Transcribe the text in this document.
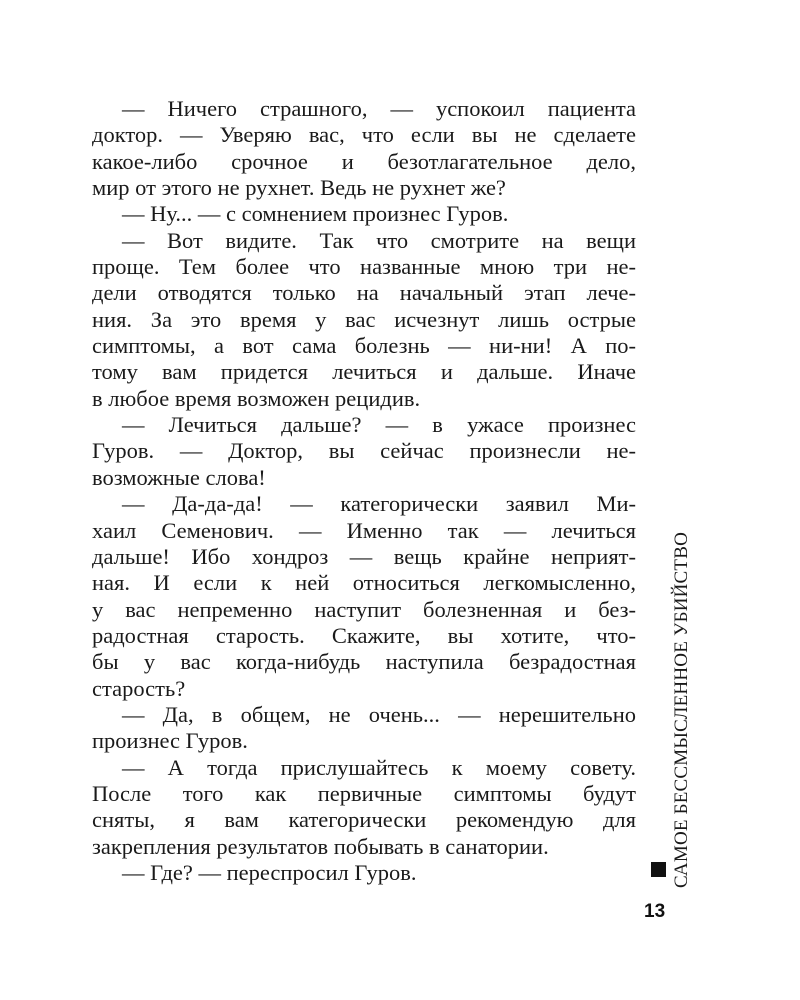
— Ничего страшного, — успокоил пациента
доктор. — Уверяю вас, что если вы не сделаете
какое-либо срочное и безотлагательное дело,
мир от этого не рухнет. Ведь не рухнет же?
— Ну... — с сомнением произнес Гуров.
— Вот видите. Так что смотрите на вещи
проще. Тем более что названные мною три не-
дели отводятся только на начальный этап лече-
ния. За это время у вас исчезнут лишь острые
симптомы, а вот сама болезнь — ни-ни! А по-
тому вам придется лечиться и дальше. Иначе
в любое время возможен рецидив.
— Лечиться дальше? — в ужасе произнес
Гуров. — Доктор, вы сейчас произнесли не-
возможные слова!
— Да-да-да! — категорически заявил Ми-
хаил Семенович. — Именно так — лечиться
дальше! Ибо хондроз — вещь крайне неприят-
ная. И если к ней относиться легкомысленно,
у вас непременно наступит болезненная и без-
радостная старость. Скажите, вы хотите, что-
бы у вас когда-нибудь наступила безрадостная
старость?
— Да, в общем, не очень... — нерешительно
произнес Гуров.
— А тогда прислушайтесь к моему совету.
После того как первичные симптомы будут
сняты, я вам категорически рекомендую для
закрепления результатов побывать в санатории.
— Где? — переспросил Гуров.	САМОЕ БЕССМЫСЛЕННОЕ УБИЙСТВО
13
